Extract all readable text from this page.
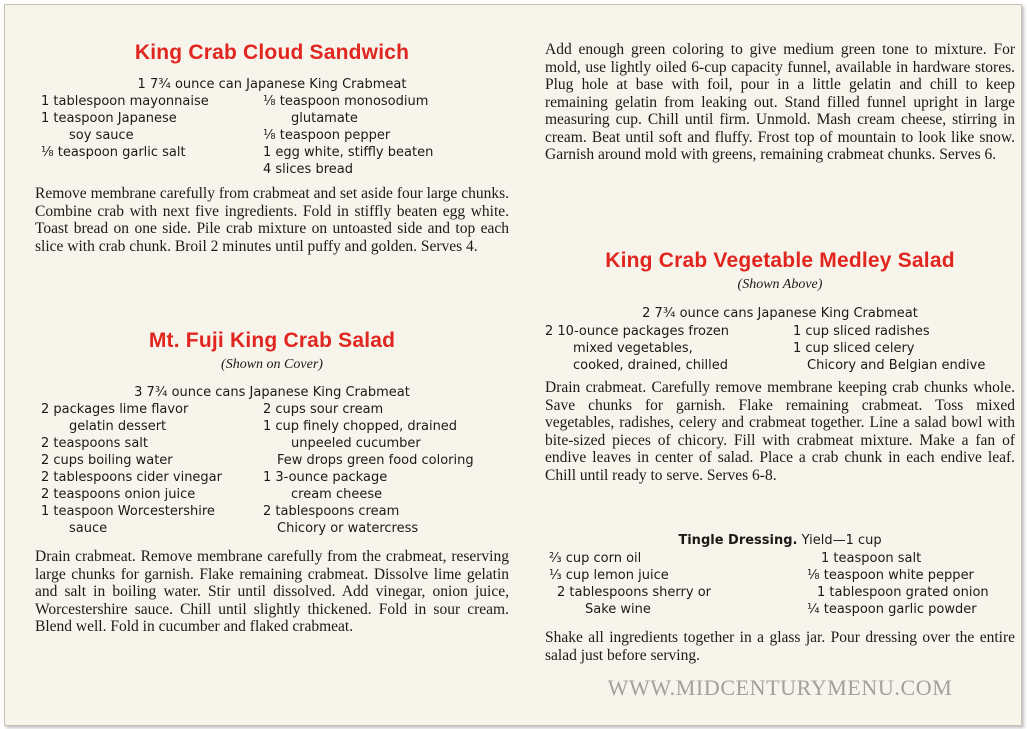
King Crab Cloud Sandwich

1 7¾ ounce can Japanese King Crabmeat

1 tablespoon mayonnaise
1 teaspoon Japanese
soy sauce
⅛ teaspoon garlic salt
⅛ teaspoon monosodium
glutamate
⅛ teaspoon pepper
1 egg white, stiffly beaten
4 slices bread

Remove membrane carefully from crabmeat and set aside four large chunks. Combine crab with next five ingredients. Fold in stiffly beaten egg white. Toast bread on one side. Pile crab mixture on untoasted side and top each slice with crab chunk. Broil 2 minutes until puffy and golden. Serves 4.

Mt. Fuji King Crab Salad

(Shown on Cover)

3 7¾ ounce cans Japanese King Crabmeat

2 packages lime flavor
gelatin dessert
2 teaspoons salt
2 cups boiling water
2 tablespoons cider vinegar
2 teaspoons onion juice
1 teaspoon Worcestershire
sauce
2 cups sour cream
1 cup finely chopped, drained
unpeeled cucumber
Few drops green food coloring
1 3-ounce package
cream cheese
2 tablespoons cream
Chicory or watercress

Drain crabmeat. Remove membrane carefully from the crabmeat, reserving large chunks for garnish. Flake remaining crabmeat. Dissolve lime gelatin and salt in boiling water. Stir until dissolved. Add vinegar, onion juice, Worcestershire sauce. Chill until slightly thickened. Fold in sour cream. Blend well. Fold in cucumber and flaked crabmeat.

Add enough green coloring to give medium green tone to mixture. For mold, use lightly oiled 6-cup capacity funnel, available in hardware stores. Plug hole at base with foil, pour in a little gelatin and chill to keep remaining gelatin from leaking out. Stand filled funnel upright in large measuring cup. Chill until firm. Unmold. Mash cream cheese, stirring in cream. Beat until soft and fluffy. Frost top of mountain to look like snow. Garnish around mold with greens, remaining crabmeat chunks. Serves 6.

King Crab Vegetable Medley Salad

(Shown Above)

2 7¾ ounce cans Japanese King Crabmeat

2 10-ounce packages frozen
mixed vegetables,
cooked, drained, chilled
1 cup sliced radishes
1 cup sliced celery
Chicory and Belgian endive

Drain crabmeat. Carefully remove membrane keeping crab chunks whole. Save chunks for garnish. Flake remaining crabmeat. Toss mixed vegetables, radishes, celery and crabmeat together. Line a salad bowl with bite-sized pieces of chicory. Fill with crabmeat mixture. Make a fan of endive leaves in center of salad. Place a crab chunk in each endive leaf. Chill until ready to serve. Serves 6-8.

Tingle Dressing. Yield—1 cup

⅔ cup corn oil
⅓ cup lemon juice
2 tablespoons sherry or
Sake wine
1 teaspoon salt
⅛ teaspoon white pepper
1 tablespoon grated onion
¼ teaspoon garlic powder

Shake all ingredients together in a glass jar. Pour dressing over the entire salad just before serving.

WWW.MIDCENTURYMENU.COM
